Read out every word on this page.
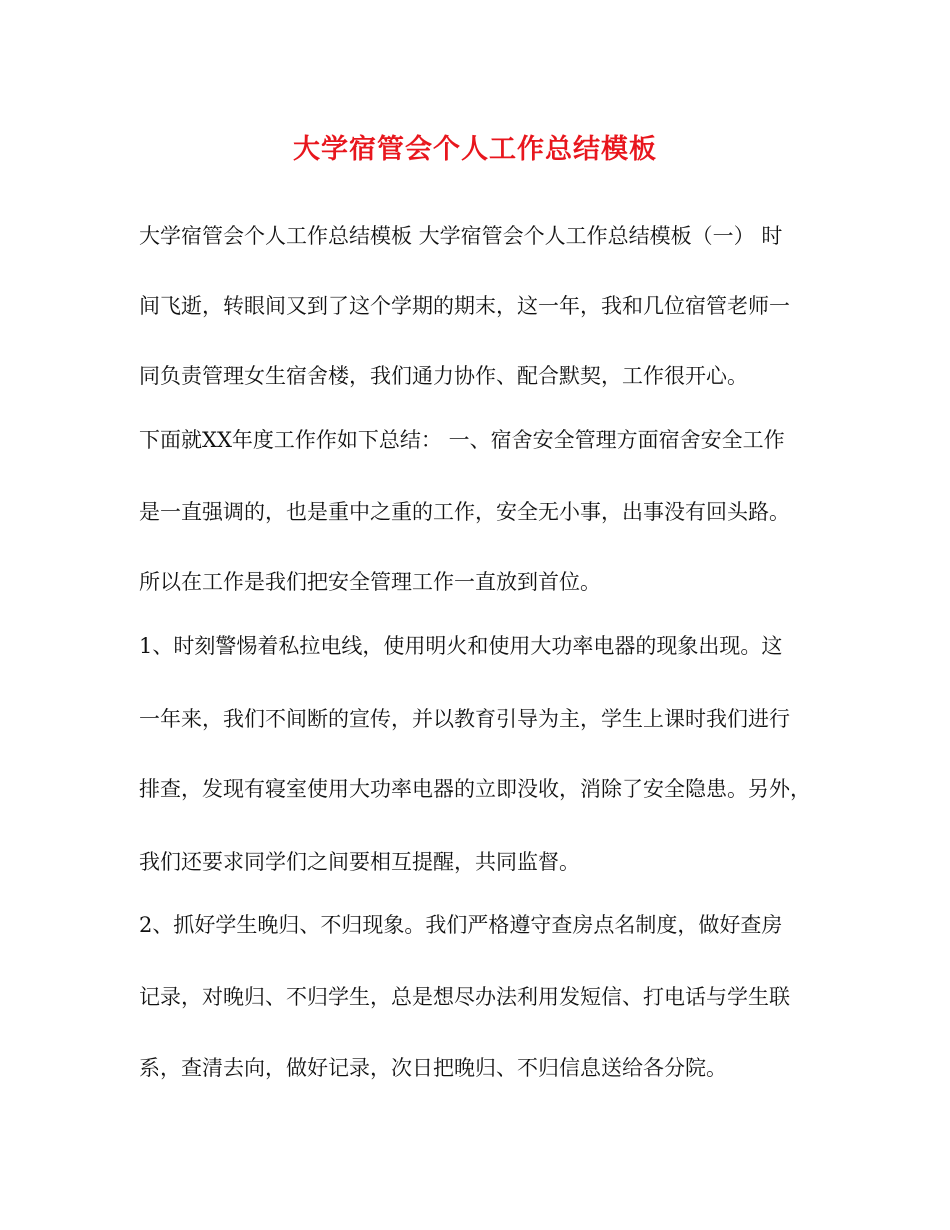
大学宿管会个人工作总结模板

大学宿管会个人工作总结模板 大学宿管会个人工作总结模板（一） 时

间飞逝，转眼间又到了这个学期的期末，这一年，我和几位宿管老师一

同负责管理女生宿舍楼，我们通力协作、配合默契，工作很开心。

下面就XX年度工作作如下总结： 一、宿舍安全管理方面宿舍安全工作

是一直强调的，也是重中之重的工作，安全无小事，出事没有回头路。

所以在工作是我们把安全管理工作一直放到首位。

1、时刻警惕着私拉电线，使用明火和使用大功率电器的现象出现。这

一年来，我们不间断的宣传，并以教育引导为主，学生上课时我们进行

排查，发现有寝室使用大功率电器的立即没收，消除了安全隐患。另外，

我们还要求同学们之间要相互提醒，共同监督。

2、抓好学生晚归、不归现象。我们严格遵守查房点名制度，做好查房

记录，对晚归、不归学生，总是想尽办法利用发短信、打电话与学生联

系，查清去向，做好记录，次日把晚归、不归信息送给各分院。
